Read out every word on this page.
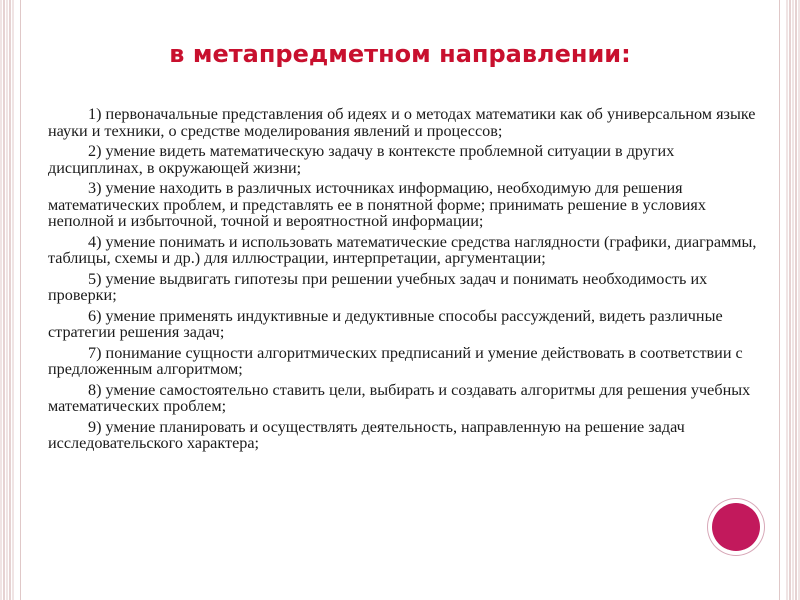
в метапредметном направлении:

1) первоначальные представления об идеях и о методах математики как об универсальном языке науки и техники, о средстве моделирования явлений и процессов;

2) умение видеть математическую задачу в контексте проблемной ситуации в других дисциплинах, в окружающей жизни;

3) умение находить в различных источниках информацию, необходимую для решения математических проблем, и представлять ее в понятной форме; принимать решение в условиях неполной и избыточной, точной и вероятностной информации;

4) умение понимать и использовать математические средства наглядности (графики, диаграммы, таблицы, схемы и др.) для иллюстрации, интерпретации, аргументации;

5) умение выдвигать гипотезы при решении учебных задач и понимать необходимость их проверки;

6) умение применять индуктивные и дедуктивные способы рассуждений, видеть различные стратегии решения задач;

7) понимание сущности алгоритмических предписаний и умение действовать в соответствии с предложенным алгоритмом;

8) умение самостоятельно ставить цели, выбирать и создавать алгоритмы для решения учебных математических проблем;

9) умение планировать и осуществлять деятельность, направленную на решение задач исследовательского характера;
